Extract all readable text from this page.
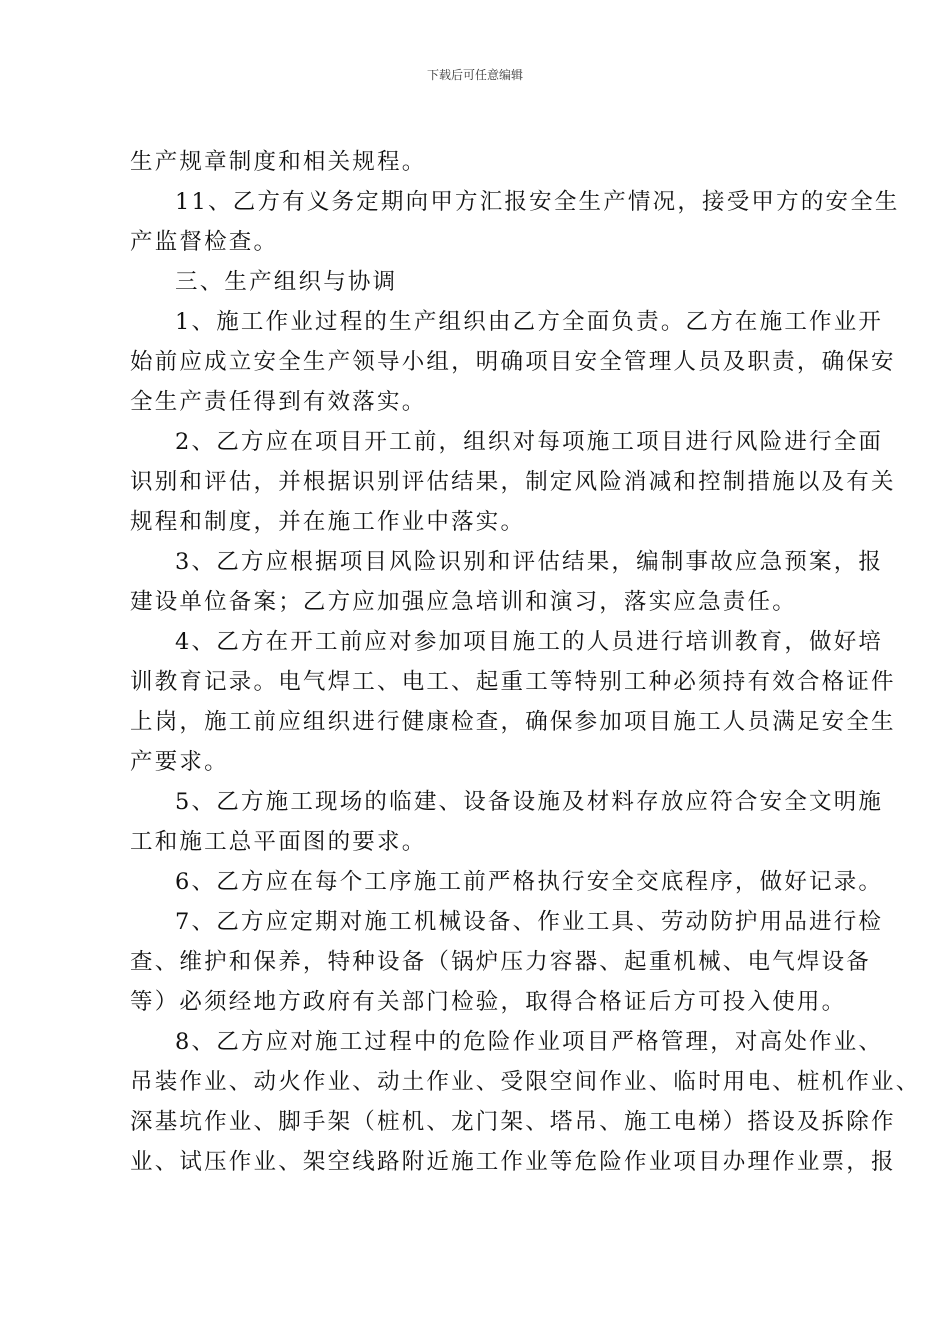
下载后可任意编辑

生产规章制度和相关规程。

11、乙方有义务定期向甲方汇报安全生产情况，接受甲方的安全生
产监督检查。

三、生产组织与协调

1、施工作业过程的生产组织由乙方全面负责。乙方在施工作业开
始前应成立安全生产领导小组，明确项目安全管理人员及职责，确保安
全生产责任得到有效落实。

2、乙方应在项目开工前，组织对每项施工项目进行风险进行全面
识别和评估，并根据识别评估结果，制定风险消减和控制措施以及有关
规程和制度，并在施工作业中落实。

3、乙方应根据项目风险识别和评估结果，编制事故应急预案，报
建设单位备案；乙方应加强应急培训和演习，落实应急责任。

4、乙方在开工前应对参加项目施工的人员进行培训教育，做好培
训教育记录。电气焊工、电工、起重工等特别工种必须持有效合格证件
上岗，施工前应组织进行健康检查，确保参加项目施工人员满足安全生
产要求。

5、乙方施工现场的临建、设备设施及材料存放应符合安全文明施
工和施工总平面图的要求。

6、乙方应在每个工序施工前严格执行安全交底程序，做好记录。

7、乙方应定期对施工机械设备、作业工具、劳动防护用品进行检
查、维护和保养，特种设备（锅炉压力容器、起重机械、电气焊设备
等）必须经地方政府有关部门检验，取得合格证后方可投入使用。

8、乙方应对施工过程中的危险作业项目严格管理，对高处作业、
吊装作业、动火作业、动土作业、受限空间作业、临时用电、桩机作业、
深基坑作业、脚手架（桩机、龙门架、塔吊、施工电梯）搭设及拆除作
业、试压作业、架空线路附近施工作业等危险作业项目办理作业票，报
